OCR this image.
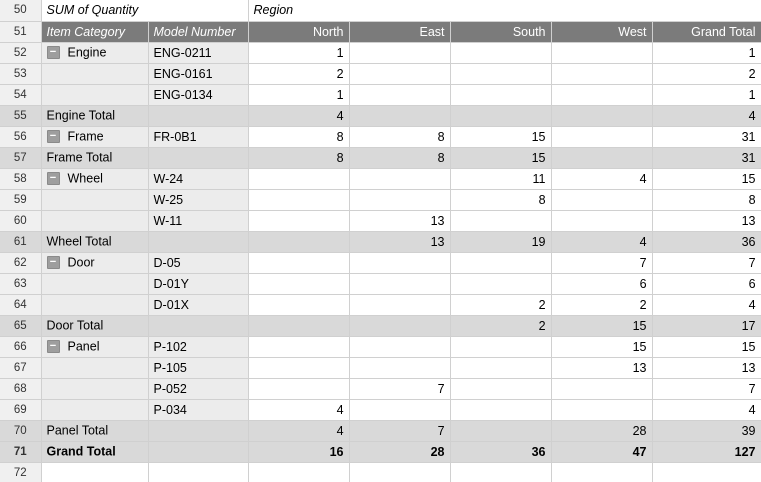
50	SUM of Quantity		Region				
51	Item Category	Model Number	North	East	South	West	Grand Total
52	− Engine	ENG-0211	1				1
53		ENG-0161	2				2
54		ENG-0134	1				1
55	Engine Total		4				4
56	− Frame	FR-0B1	8	8	15		31
57	Frame Total		8	8	15		31
58	− Wheel	W-24			11	4	15
59		W-25			8		8
60		W-11		13			13
61	Wheel Total			13	19	4	36
62	− Door	D-05				7	7
63		D-01Y				6	6
64		D-01X			2	2	4
65	Door Total				2	15	17
66	− Panel	P-102				15	15
67		P-105				13	13
68		P-052		7			7
69		P-034	4				4
70	Panel Total		4	7		28	39
71	Grand Total		16	28	36	47	127
72							
